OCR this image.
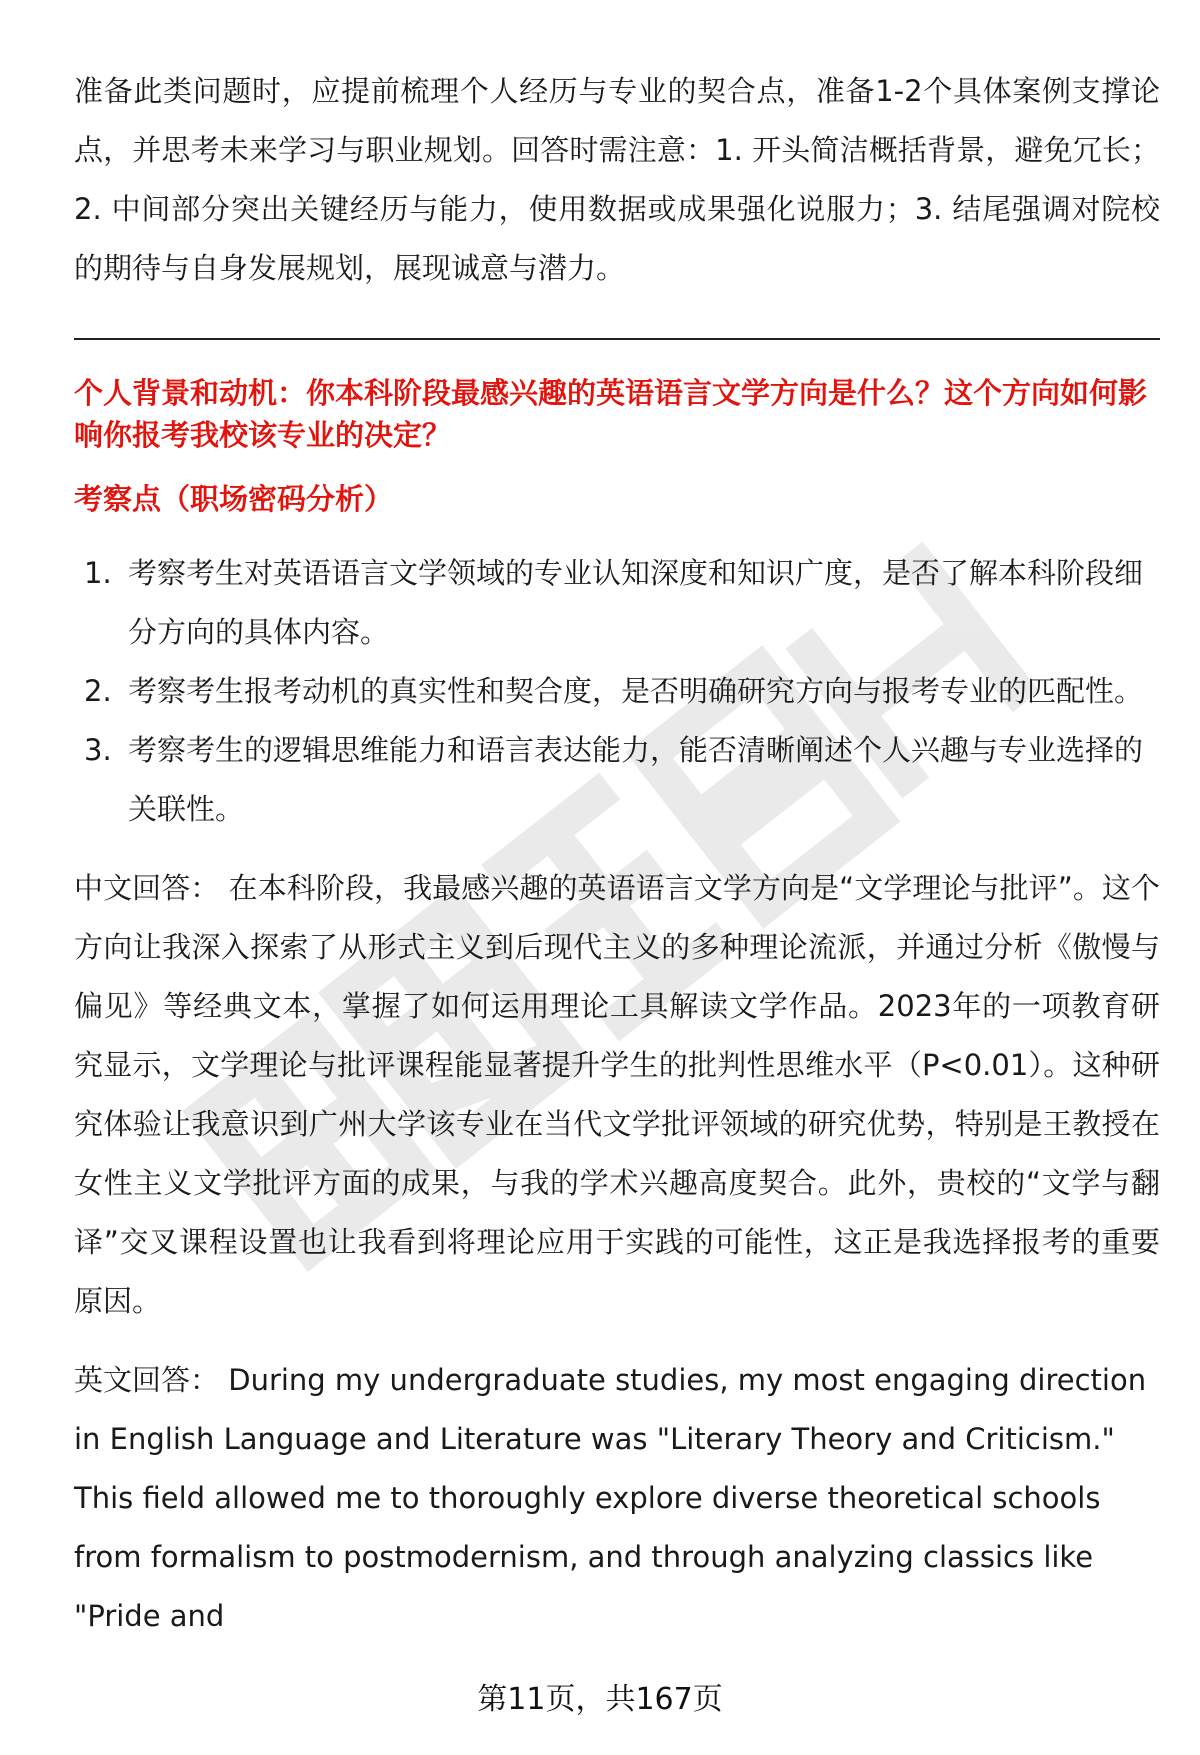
准备此类问题时，应提前梳理个人经历与专业的契合点，准备1-2个具体案例支撑论点，并思考未来学习与职业规划。回答时需注意：1. 开头简洁概括背景，避免冗长；2. 中间部分突出关键经历与能力，使用数据或成果强化说服力；3. 结尾强调对院校的期待与自身发展规划，展现诚意与潜力。

个人背景和动机：你本科阶段最感兴趣的英语语言文学方向是什么？这个方向如何影响你报考我校该专业的决定？

考察点（职场密码分析）

1. 考察考生对英语语言文学领域的专业认知深度和知识广度，是否了解本科阶段细分方向的具体内容。
2. 考察考生报考动机的真实性和契合度，是否明确研究方向与报考专业的匹配性。
3. 考察考生的逻辑思维能力和语言表达能力，能否清晰阐述个人兴趣与专业选择的关联性。

中文回答： 在本科阶段，我最感兴趣的英语语言文学方向是“文学理论与批评”。这个方向让我深入探索了从形式主义到后现代主义的多种理论流派，并通过分析《傲慢与偏见》等经典文本，掌握了如何运用理论工具解读文学作品。2023年的一项教育研究显示，文学理论与批评课程能显著提升学生的批判性思维水平（P<0.01）。这种研究体验让我意识到广州大学该专业在当代文学批评领域的研究优势，特别是王教授在女性主义文学批评方面的成果，与我的学术兴趣高度契合。此外，贵校的“文学与翻译”交叉课程设置也让我看到将理论应用于实践的可能性，这正是我选择报考的重要原因。

英文回答： During my undergraduate studies, my most engaging direction in English Language and Literature was "Literary Theory and Criticism." This field allowed me to thoroughly explore diverse theoretical schools from formalism to postmodernism, and through analyzing classics like "Pride and

第11页，共167页
